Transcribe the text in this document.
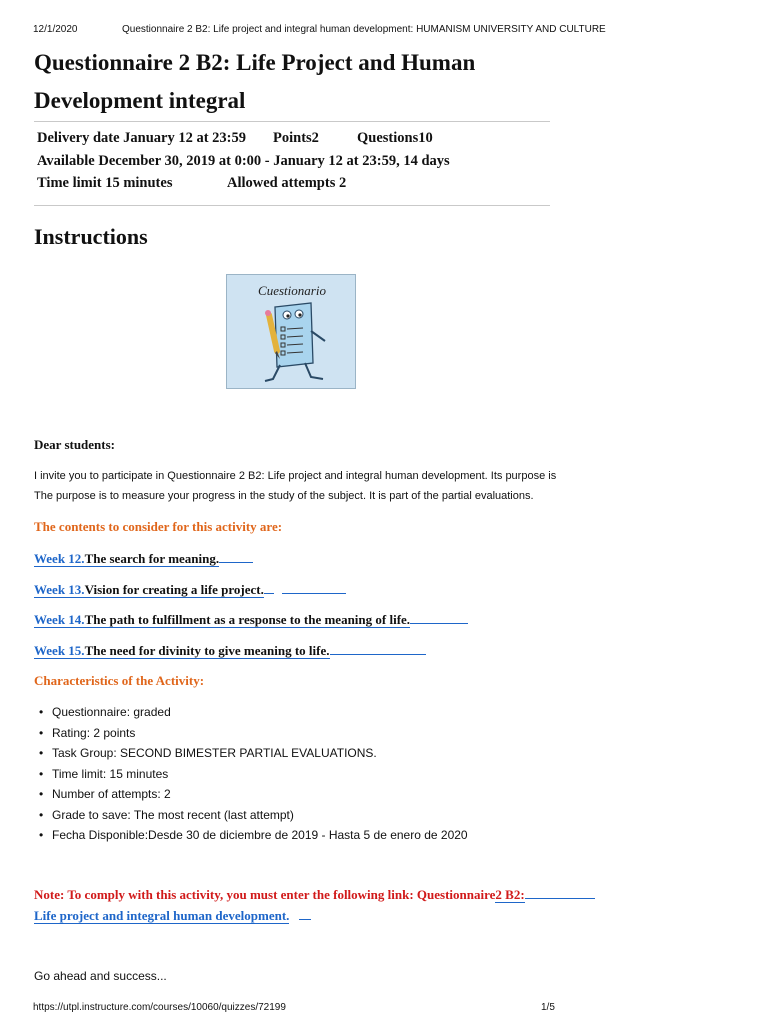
12/1/2020	Questionnaire 2 B2: Life project and integral human development: HUMANISM UNIVERSITY AND CULTURE
Questionnaire 2 B2: Life Project and Human Development integral
Delivery date January 12 at 23:59 Points2	Questions10
Available December 30, 2019 at 0:00 - January 12 at 23:59, 14 days
Time limit 15 minutes	Allowed attempts 2
Instructions
Cuestionario
Dear students:
I invite you to participate in Questionnaire 2 B2: Life project and integral human development. Its purpose is
The purpose is to measure your progress in the study of the subject. It is part of the partial evaluations.
The contents to consider for this activity are:
Week 12.The search for meaning.
Week 13.Vision for creating a life project.
Week 14.The path to fulfillment as a response to the meaning of life.
Week 15.The need for divinity to give meaning to life.
Characteristics of the Activity:
• Questionnaire: graded
• Rating: 2 points
• Task Group: SECOND BIMESTER PARTIAL EVALUATIONS.
• Time limit: 15 minutes
• Number of attempts: 2
• Grade to save: The most recent (last attempt)
• Fecha Disponible:Desde 30 de diciembre de 2019 - Hasta 5 de enero de 2020
Note: To comply with this activity, you must enter the following link: Questionnaire2 B2:
Life project and integral human development.
Go ahead and success...
https://utpl.instructure.com/courses/10060/quizzes/72199	1/5
